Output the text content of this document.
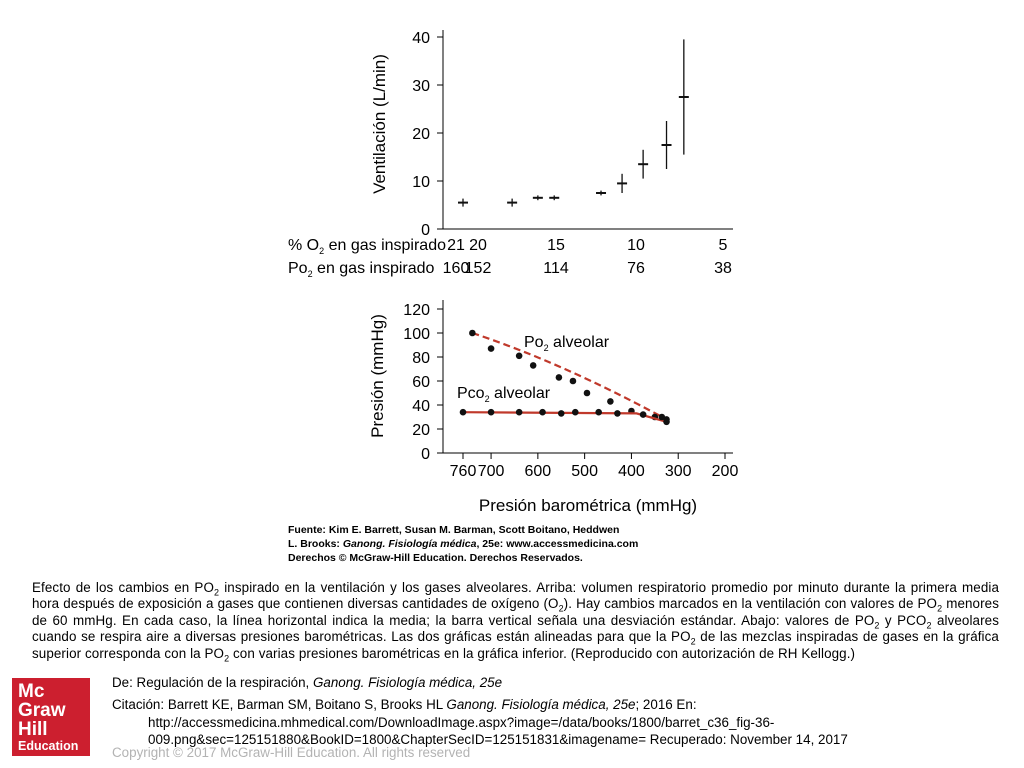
Ventilación (L/min)
0
10
20
30
40
% $O_2$ en gas inspirado
$Po_2$ en gas inspirado
21 20	15	10	5
160
152	114	76	38
Presión (mmHg)
Presión barométrica (mmHg)
0
20
40
60
80
100
120
760 700 600 500 400 300 200
$Po_2$ alveolar
Pco$_2$ alveolar
Fuente: Kim E. Barrett, Susan M. Barman, Scott Boitano, Heddwen
L. Brooks: Ganong. Fisiología médica, 25e: www.accessmedicina.com
Derechos © McGraw-Hill Education. Derechos Reservados.
Efecto de los cambios en $PO_2$ inspirado en la ventilación y los gases alveolares. Arriba: volumen respiratorio promedio por minuto durante la primera media hora después de exposición a gases que contienen diversas cantidades de oxígeno $(O_2)$. Hay cambios marcados en la ventilación con valores de $PO_2$ menores de 60 mmHg. En cada caso, la línea horizontal indica la media; la barra vertical señala una desviación estándar. Abajo: valores de $PO_2$ y $PCO_2$ alveolares cuando se respira aire a diversas presiones barométricas. Las dos gráficas están alineadas para que la $PO_2$ de las mezclas inspiradas de gases en la gráfica superior corresponda con la $PO_2$ con varias presiones barométricas en la gráfica inferior. (Reproducido con autorización de RH Kellogg.)
Mc
Graw
Hill
Education
De: Regulación de la respiración, Ganong. Fisiología médica, 25e
Citación: Barrett KE, Barman SM, Boitano S, Brooks HL Ganong. Fisiología médica, 25e; 2016 En:
http://accessmedicina.mhmedical.com/DownloadImage.aspx?image=/data/books/1800/barret_c36_fig-36-009.png&sec=125151880&BookID=1800&ChapterSecID=125151831&imagename= Recuperado: November 14, 2017
Copyright © 2017 McGraw-Hill Education. All rights reserved
